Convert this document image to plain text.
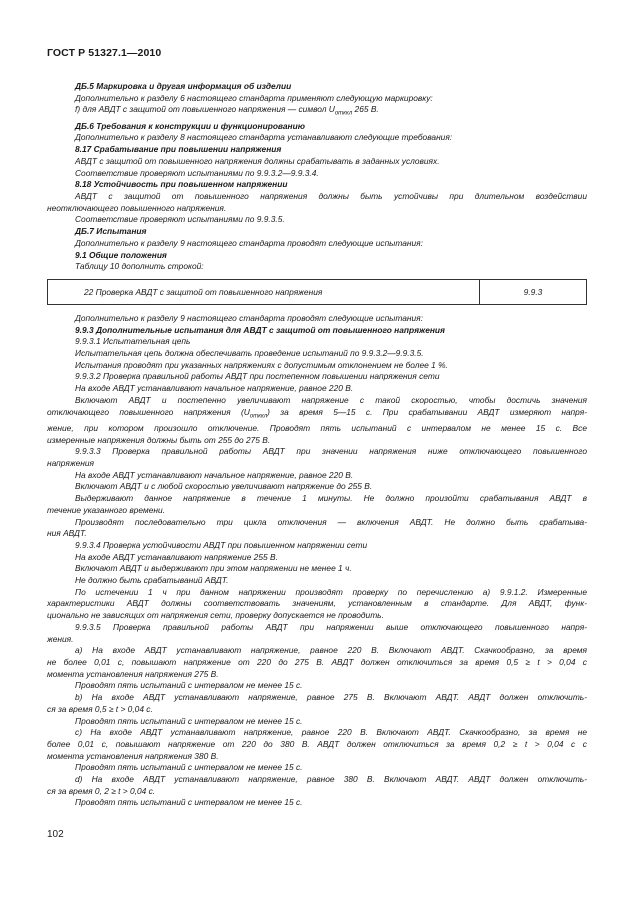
ГОСТ Р 51327.1—2010
ДБ.5 Маркировка и другая информация об изделии
Дополнительно к разделу 6 настоящего стандарта применяют следующую маркировку:
f) для АВДТ с защитой от повышенного напряжения — символ $U_{отккл}$ 265 В.
ДБ.6 Требования к конструкции и функционированию
Дополнительно к разделу 8 настоящего стандарта устанавливают следующие требования:
8.17 Срабатывание при повышении напряжения
АВДТ с защитой от повышенного напряжения должны срабатывать в заданных условиях.
Соответствие проверяют испытаниями по 9.9.3.2—9.9.3.4.
8.18 Устойчивость при повышенном напряжении
АВДТ с защитой от повышенного напряжения должны быть устойчивы при длительном воздействии
неотключающего повышенного напряжения.
Соответствие проверяют испытаниями по 9.9.3.5.
ДБ.7 Испытания
Дополнительно к разделу 9 настоящего стандарта проводят следующие испытания:
9.1 Общие положения
Таблицу 10 дополнить строкой:
22 Проверка АВДТ с защитой от повышенного напряжения	9.9.3
Дополнительно к разделу 9 настоящего стандарта проводят следующие испытания:
9.9.3 Дополнительные испытания для АВДТ с защитой от повышенного напряжения
9.9.3.1 Испытательная цепь
Испытательная цепь должна обеспечивать проведение испытаний по 9.9.3.2—9.9.3.5.
Испытания проводят при указанных напряжениях с допустимым отклонением не более 1 %.
9.9.3.2 Проверка правильной работы АВДТ при постепенном повышении напряжения сети
На входе АВДТ устанавливают начальное напряжение, равное 220 В.
Включают АВДТ и постепенно увеличивают напряжение с такой скоростью, чтобы достичь значения
отключающего повышенного напряжения $(U_{отккл})$ за время 5—15 с. При срабатывании АВДТ измеряют напря-
жение, при котором произошло отключение. Проводят пять испытаний с интервалом не менее 15 с. Все
измеренные напряжения должны быть от 255 до 275 В.
9.9.3.3 Проверка правильной работы АВДТ при значении напряжения ниже отключающего повышенного
напряжения
На входе АВДТ устанавливают начальное напряжение, равное 220 В.
Включают АВДТ и с любой скоростью увеличивают напряжение до 255 В.
Выдерживают данное напряжение в течение 1 минуты. Не должно произойти срабатывания АВДТ в
течение указанного времени.
Производят последовательно три цикла отключения — включения АВДТ. Не должно быть срабатыва-
ния АВДТ.
9.9.3.4 Проверка устойчивости АВДТ при повышенном напряжении сети
На входе АВДТ устанавливают напряжение 255 В.
Включают АВДТ и выдерживают при этом напряжении не менее 1 ч.
Не должно быть срабатываний АВДТ.
По истечении 1 ч при данном напряжении производят проверку по перечислению а) 9.9.1.2. Измеренные
характеристики АВДТ должны соответствовать значениям, установленным в стандарте. Для АВДТ, функ-
ционально не зависящих от напряжения сети, проверку допускается не проводить.
9.9.3.5 Проверка правильной работы АВДТ при напряжении выше отключающего повышенного напря-
жения.
а) На входе АВДТ устанавливают напряжение, равное 220 В. Включают АВДТ. Скачкообразно, за время
не более 0,01 с, повышают напряжение от 220 до 275 В. АВДТ должен отключиться за время 0,5 ≥ t > 0,04 с
момента установления напряжения 275 В.
Проводят пять испытаний с интервалом не менее 15 с.
b) На входе АВДТ устанавливают напряжение, равное 275 В. Включают АВДТ. АВДТ должен отключить-
ся за время 0,5 ≥ t > 0,04 с.
Проводят пять испытаний с интервалом не менее 15 с.
с) На входе АВДТ устанавливают напряжение, равное 220 В. Включают АВДТ. Скачкообразно, за время не
более 0,01 с, повышают напряжение от 220 до 380 В. АВДТ должен отключиться за время 0,2 ≥ t > 0,04 с с
момента установления напряжения 380 В.
Проводят пять испытаний с интервалом не менее 15 с.
d) На входе АВДТ устанавливают напряжение, равное 380 В. Включают АВДТ. АВДТ должен отключить-
ся за время 0, 2 ≥ t > 0,04 с.
Проводят пять испытаний с интервалом не менее 15 с.
102
